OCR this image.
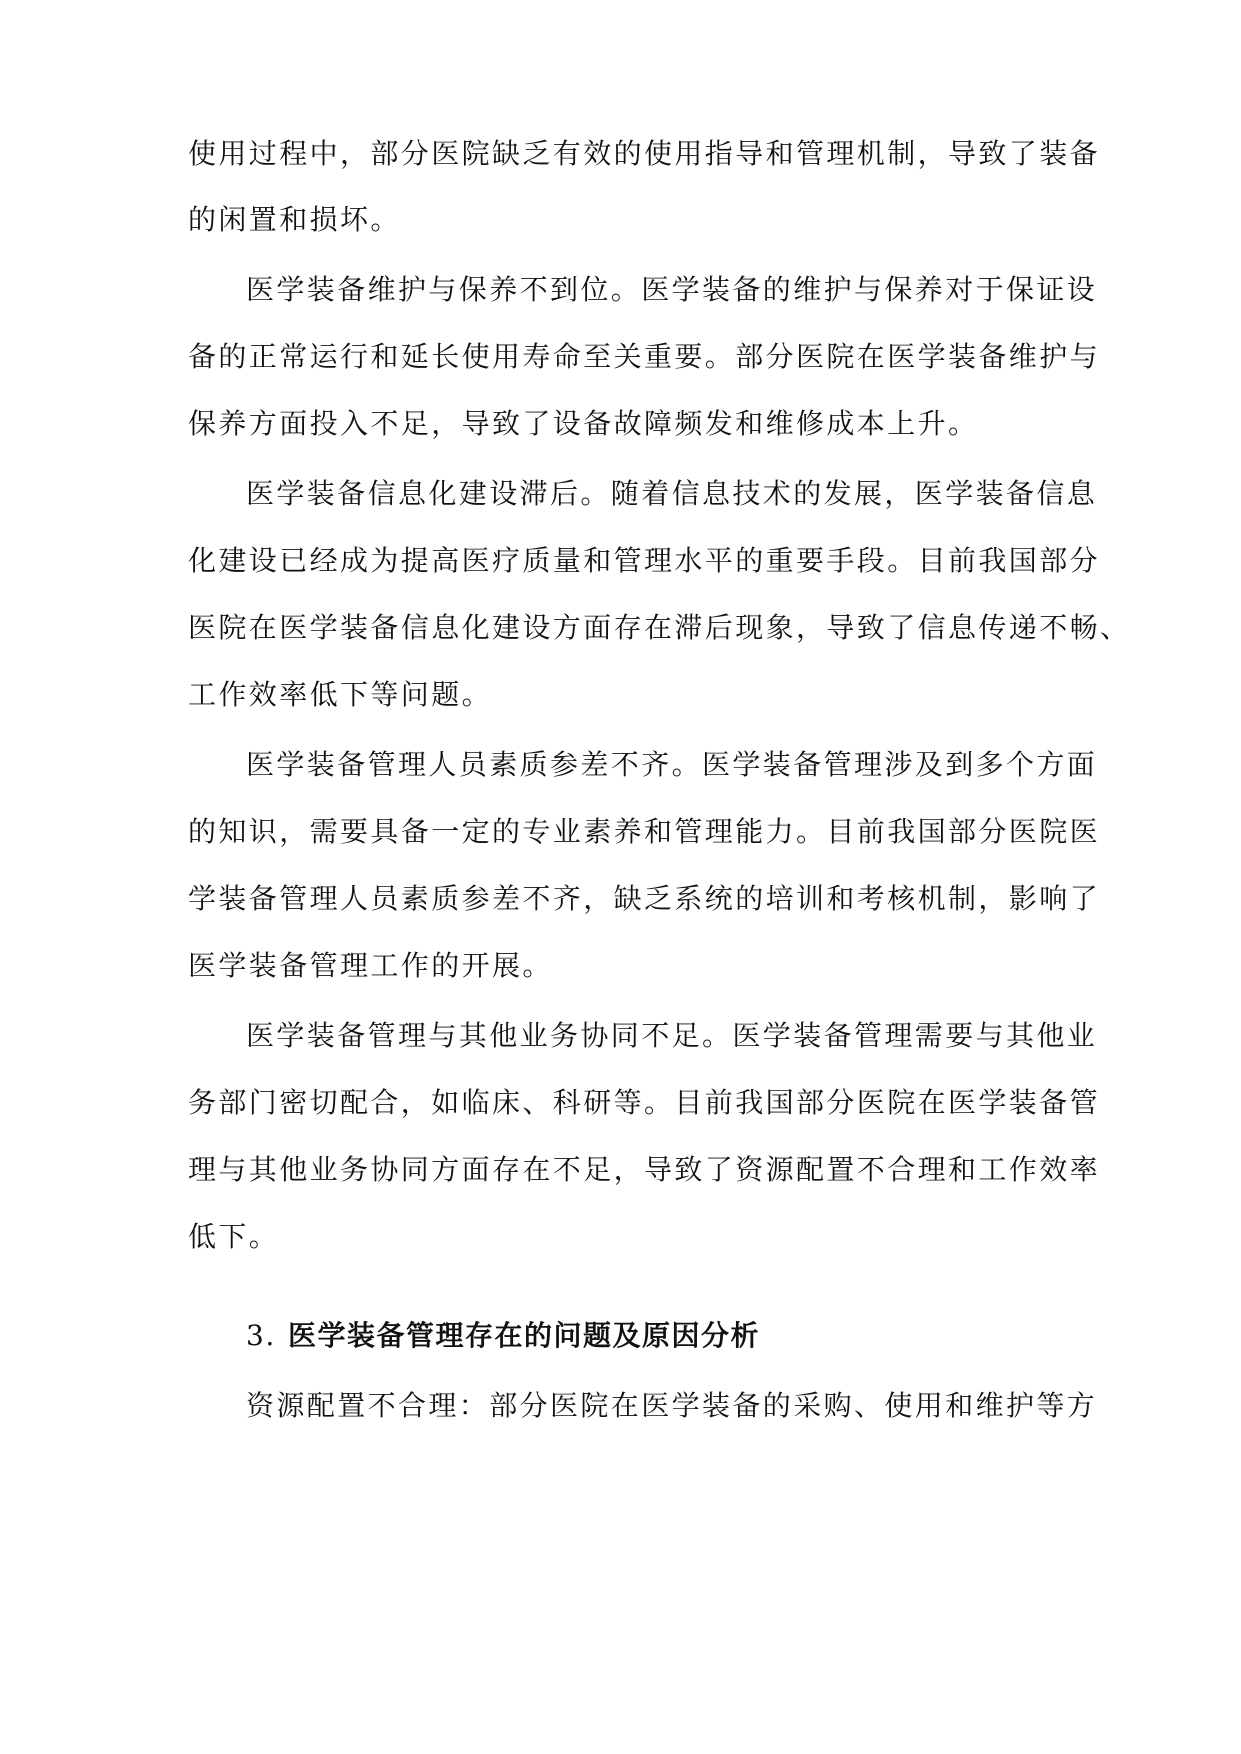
使用过程中，部分医院缺乏有效的使用指导和管理机制，导致了装备
的闲置和损坏。
医学装备维护与保养不到位。医学装备的维护与保养对于保证设
备的正常运行和延长使用寿命至关重要。部分医院在医学装备维护与
保养方面投入不足，导致了设备故障频发和维修成本上升。
医学装备信息化建设滞后。随着信息技术的发展，医学装备信息
化建设已经成为提高医疗质量和管理水平的重要手段。目前我国部分
医院在医学装备信息化建设方面存在滞后现象，导致了信息传递不畅、
工作效率低下等问题。
医学装备管理人员素质参差不齐。医学装备管理涉及到多个方面
的知识，需要具备一定的专业素养和管理能力。目前我国部分医院医
学装备管理人员素质参差不齐，缺乏系统的培训和考核机制，影响了
医学装备管理工作的开展。
医学装备管理与其他业务协同不足。医学装备管理需要与其他业
务部门密切配合，如临床、科研等。目前我国部分医院在医学装备管
理与其他业务协同方面存在不足，导致了资源配置不合理和工作效率
低下。
3. 医学装备管理存在的问题及原因分析
资源配置不合理：部分医院在医学装备的采购、使用和维护等方
